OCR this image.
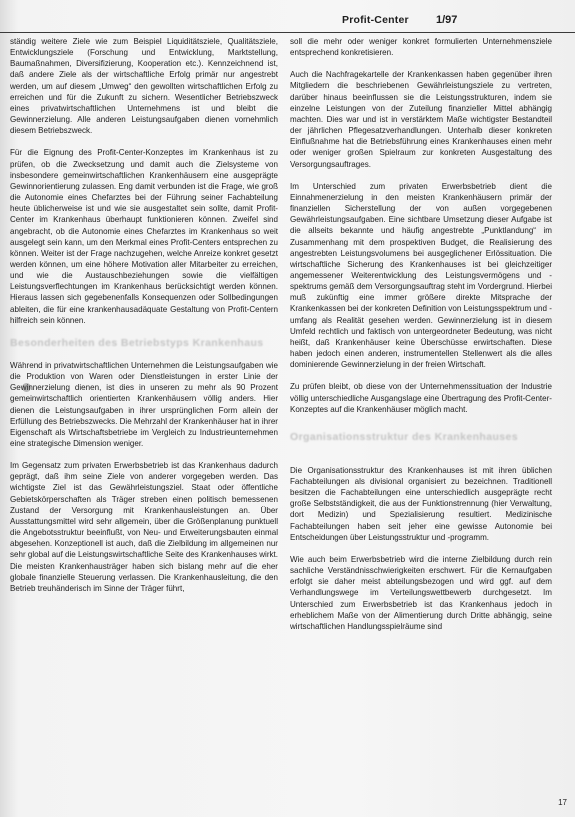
Profit-Center 1/97

ständig weitere Ziele wie zum Beispiel Liquiditätsziele, Qualitätsziele, Entwicklungsziele (Forschung und Entwicklung, Marktstellung, Baumaßnahmen, Diversifizierung, Kooperation etc.). Kennzeichnend ist, daß andere Ziele als der wirtschaftliche Erfolg primär nur angestrebt werden, um auf diesem „Umweg“ den gewollten wirtschaftlichen Erfolg zu erreichen und für die Zukunft zu sichern. Wesentlicher Betriebszweck eines privatwirtschaftlichen Unternehmens ist und bleibt die Gewinnerzielung. Alle anderen Leistungsaufgaben dienen vornehmlich diesem Betriebszweck.

Für die Eignung des Profit-Center-Konzeptes im Krankenhaus ist zu prüfen, ob die Zwecksetzung und damit auch die Zielsysteme von insbesondere gemeinwirtschaftlichen Krankenhäusern eine ausgeprägte Gewinnorientierung zulassen. Eng damit verbunden ist die Frage, wie groß die Autonomie eines Chefarztes bei der Führung seiner Fachabteilung heute üblicherweise ist und wie sie ausgestaltet sein sollte, damit Profit-Center im Krankenhaus überhaupt funktionieren können. Zweifel sind angebracht, ob die Autonomie eines Chefarztes im Krankenhaus so weit ausgelegt sein kann, um den Merkmal eines Profit-Centers entsprechen zu können. Weiter ist der Frage nachzugehen, welche Anreize konkret gesetzt werden können, um eine höhere Motivation aller Mitarbeiter zu erreichen, und wie die Austauschbeziehungen sowie die vielfältigen Leistungsverflechtungen im Krankenhaus berücksichtigt werden können. Hieraus lassen sich gegebenenfalls Konsequenzen oder Sollbedingungen ableiten, die für eine krankenhausadäquate Gestaltung von Profit-Centern hilfreich sein können.

Besonderheiten des Betriebstyps Krankenhaus

Während in privatwirtschaftlichen Unternehmen die Leistungsaufgaben wie die Produktion von Waren oder Dienstleistungen in erster Linie der Gewinnerzielung dienen, ist dies in unseren zu mehr als 90 Prozent gemeinwirtschaftlich orientierten Krankenhäusern völlig anders. Hier dienen die Leistungsaufgaben in ihrer ursprünglichen Form allein der Erfüllung des Betriebszwecks. Die Mehrzahl der Krankenhäuser hat in ihrer Eigenschaft als Wirtschaftsbetriebe im Vergleich zu Industrieunternehmen eine strategische Dimension weniger.

Im Gegensatz zum privaten Erwerbsbetrieb ist das Krankenhaus dadurch geprägt, daß ihm seine Ziele von anderer vorgegeben werden. Das wichtigste Ziel ist das Gewährleistungsziel. Staat oder öffentliche Gebietskörperschaften als Träger streben einen politisch bemessenen Zustand der Versorgung mit Krankenhausleistungen an. Über Ausstattungsmittel wird sehr allgemein, über die Größenplanung punktuell die Angebotsstruktur beeinflußt, von Neu- und Erweiterungsbauten einmal abgesehen. Konzeptionell ist auch, daß die Zielbildung im allgemeinen nur sehr global auf die Leistungswirtschaftliche Seite des Krankenhauses wirkt. Die meisten Krankenhausträger haben sich bislang mehr auf die eher globale finanzielle Steuerung verlassen. Die Krankenhausleitung, die den Betrieb treuhänderisch im Sinne der Träger führt,

soll die mehr oder weniger konkret formulierten Unternehmensziele entsprechend konkretisieren.

Auch die Nachfragekartelle der Krankenkassen haben gegenüber ihren Mitgliedern die beschriebenen Gewährleistungsziele zu vertreten, darüber hinaus beeinflussen sie die Leistungsstrukturen, indem sie einzelne Leistungen von der Zuteilung finanzieller Mittel abhängig machten. Dies war und ist in verstärktem Maße wichtigster Bestandteil der jährlichen Pflegesatzverhandlungen. Unterhalb dieser konkreten Einflußnahme hat die Betriebsführung eines Krankenhauses einen mehr oder weniger großen Spielraum zur konkreten Ausgestaltung des Versorgungsauftrages.

Im Unterschied zum privaten Erwerbsbetrieb dient die Einnahmenerzielung in den meisten Krankenhäusern primär der finanziellen Sicherstellung der von außen vorgegebenen Gewährleistungsaufgaben. Eine sichtbare Umsetzung dieser Aufgabe ist die allseits bekannte und häufig angestrebte „Punktlandung“ im Zusammenhang mit dem prospektiven Budget, die Realisierung des angestrebten Leistungsvolumens bei ausgeglichener Erlössituation. Die wirtschaftliche Sicherung des Krankenhauses ist bei gleichzeitiger angemessener Weiterentwicklung des Leistungsvermögens und -spektrums gemäß dem Versorgungsauftrag steht im Vordergrund. Hierbei muß zukünftig eine immer größere direkte Mitsprache der Krankenkassen bei der konkreten Definition von Leistungsspektrum und -umfang als Realität gesehen werden. Gewinnerzielung ist in diesem Umfeld rechtlich und faktisch von untergeordneter Bedeutung, was nicht heißt, daß Krankenhäuser keine Überschüsse erwirtschaften. Diese haben jedoch einen anderen, instrumentellen Stellenwert als die alles dominierende Gewinnerzielung in der freien Wirtschaft.

Zu prüfen bleibt, ob diese von der Unternehmenssituation der Industrie völlig unterschiedliche Ausgangslage eine Übertragung des Profit-Center-Konzeptes auf die Krankenhäuser möglich macht.

Organisationsstruktur des Krankenhauses

Die Organisationsstruktur des Krankenhauses ist mit ihren üblichen Fachabteilungen als divisional organisiert zu bezeichnen. Traditionell besitzen die Fachabteilungen eine unterschiedlich ausgeprägte recht große Selbstständigkeit, die aus der Funktionstrennung (hier Verwaltung, dort Medizin) und Spezialisierung resultiert. Medizinische Fachabteilungen haben seit jeher eine gewisse Autonomie bei Entscheidungen über Leistungsstruktur und -programm.

Wie auch beim Erwerbsbetrieb wird die interne Zielbildung durch rein sachliche Verständnisschwierigkeiten erschwert. Für die Kernaufgaben erfolgt sie daher meist abteilungsbezogen und wird ggf. auf dem Verhandlungswege im Verteilungswettbewerb durchgesetzt. Im Unterschied zum Erwerbsbetrieb ist das Krankenhaus jedoch in erheblichem Maße von der Alimentierung durch Dritte abhängig, seine wirtschaftlichen Handlungsspielräume sind

17
